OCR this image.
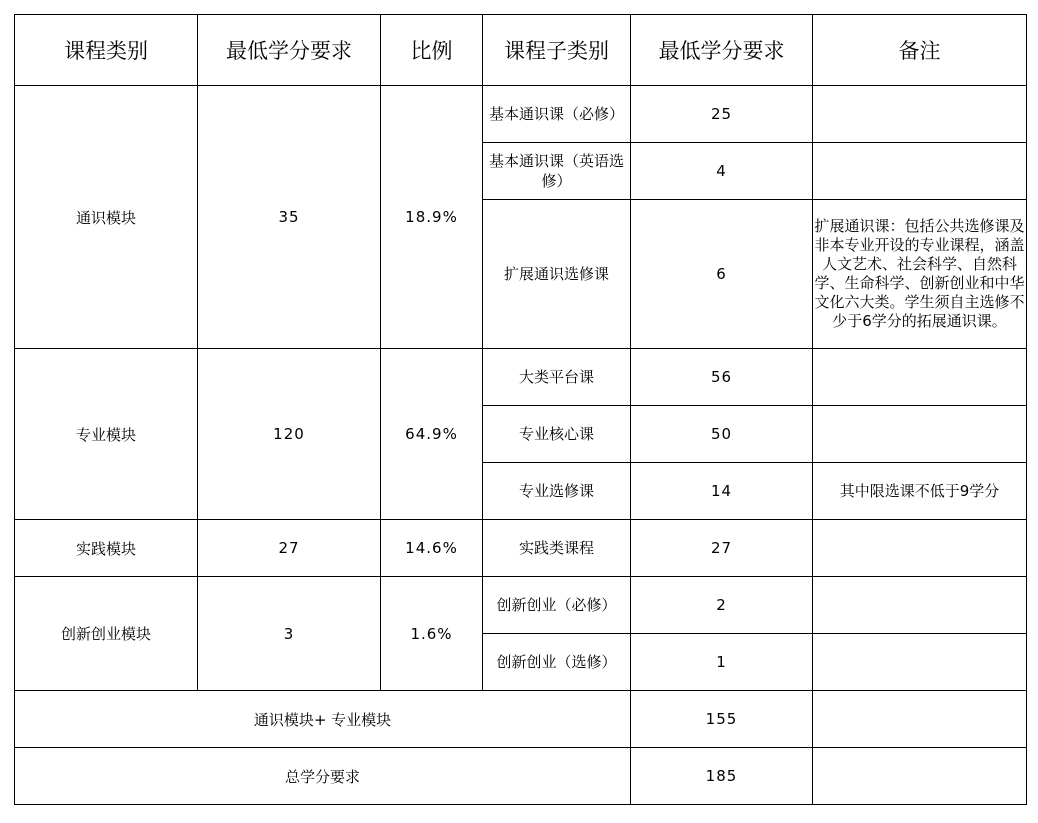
课程类别	最低学分要求	比例	课程子类别	最低学分要求	备注
通识模块	35	18.9%	基本通识课（必修）	25	
			基本通识课（英语选修）	4	
			扩展通识选修课	6	扩展通识课：包括公共选修课及非本专业开设的专业课程，涵盖人文艺术、社会科学、自然科学、生命科学、创新创业和中华文化六大类。学生须自主选修不少于6学分的拓展通识课。
专业模块	120	64.9%	大类平台课	56	
			专业核心课	50	
			专业选修课	14	其中限选课不低于9学分
实践模块	27	14.6%	实践类课程	27	
创新创业模块	3	1.6%	创新创业（必修）	2	
			创新创业（选修）	1	
通识模块+ 专业模块				155	
总学分要求				185	
